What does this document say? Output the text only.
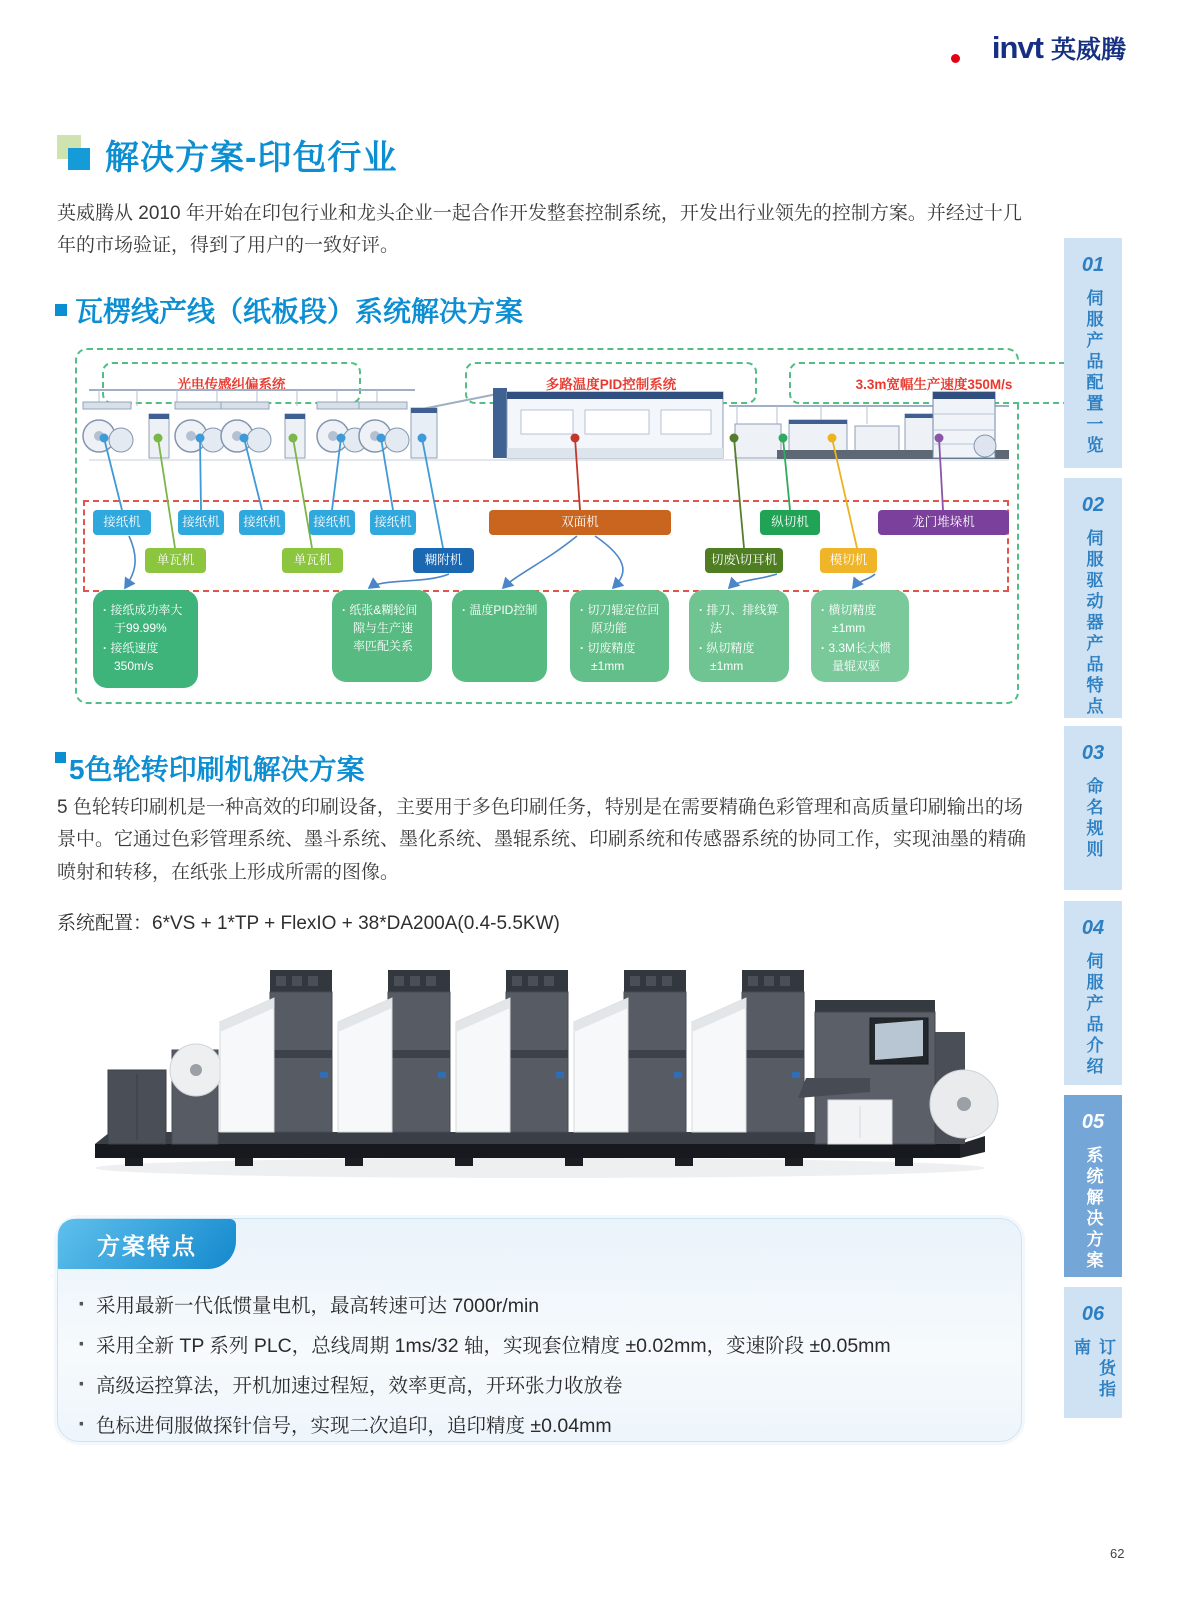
invt 英威腾
解决方案-印包行业
英威腾从 2010 年开始在印包行业和龙头企业一起合作开发整套控制系统，开发出行业领先的控制方案。并经过十几年的市场验证，得到了用户的一致好评。
瓦楞线产线（纸板段）系统解决方案
光电传感纠偏系统	多路温度PID控制系统	3.3m宽幅生产速度350M/s
接纸机	接纸机	接纸机	接纸机	接纸机	双面机	纵切机	龙门堆垛机
单瓦机	单瓦机	糊附机	切废\切耳机	模切机
· 接纸成功率大于99.99%
· 接纸速度350m/s
· 纸张&糊轮间隙与生产速率匹配关系
· 温度PID控制	· 切刀辊定位回原功能
· 切废精度±1mm
· 排刀、排线算法
· 纵切精度±1mm
· 横切精度±1mm
· 3.3M长大惯量辊双驱
5色轮转印刷机解决方案
5 色轮转印刷机是一种高效的印刷设备，主要用于多色印刷任务，特别是在需要精确色彩管理和高质量印刷输出的场景中。它通过色彩管理系统、墨斗系统、墨化系统、墨辊系统、印刷系统和传感器系统的协同工作，实现油墨的精确喷射和转移，在纸张上形成所需的图像。
系统配置：6*VS + 1*TP + FlexIO + 38*DA200A(0.4-5.5KW)
方案特点
· 采用最新一代低惯量电机，最高转速可达 7000r/min
· 采用全新 TP 系列 PLC，总线周期 1ms/32 轴，实现套位精度 ±0.02mm，变速阶段 ±0.05mm
· 高级运控算法，开机加速过程短，效率更高，开环张力收放卷
· 色标进伺服做探针信号，实现二次追印，追印精度 ±0.04mm
01
伺服产品配置一览
02
伺服驱动器产品特点
03
命名规则
04
伺服产品介绍
05
系统解决方案
06
订货指南
62
